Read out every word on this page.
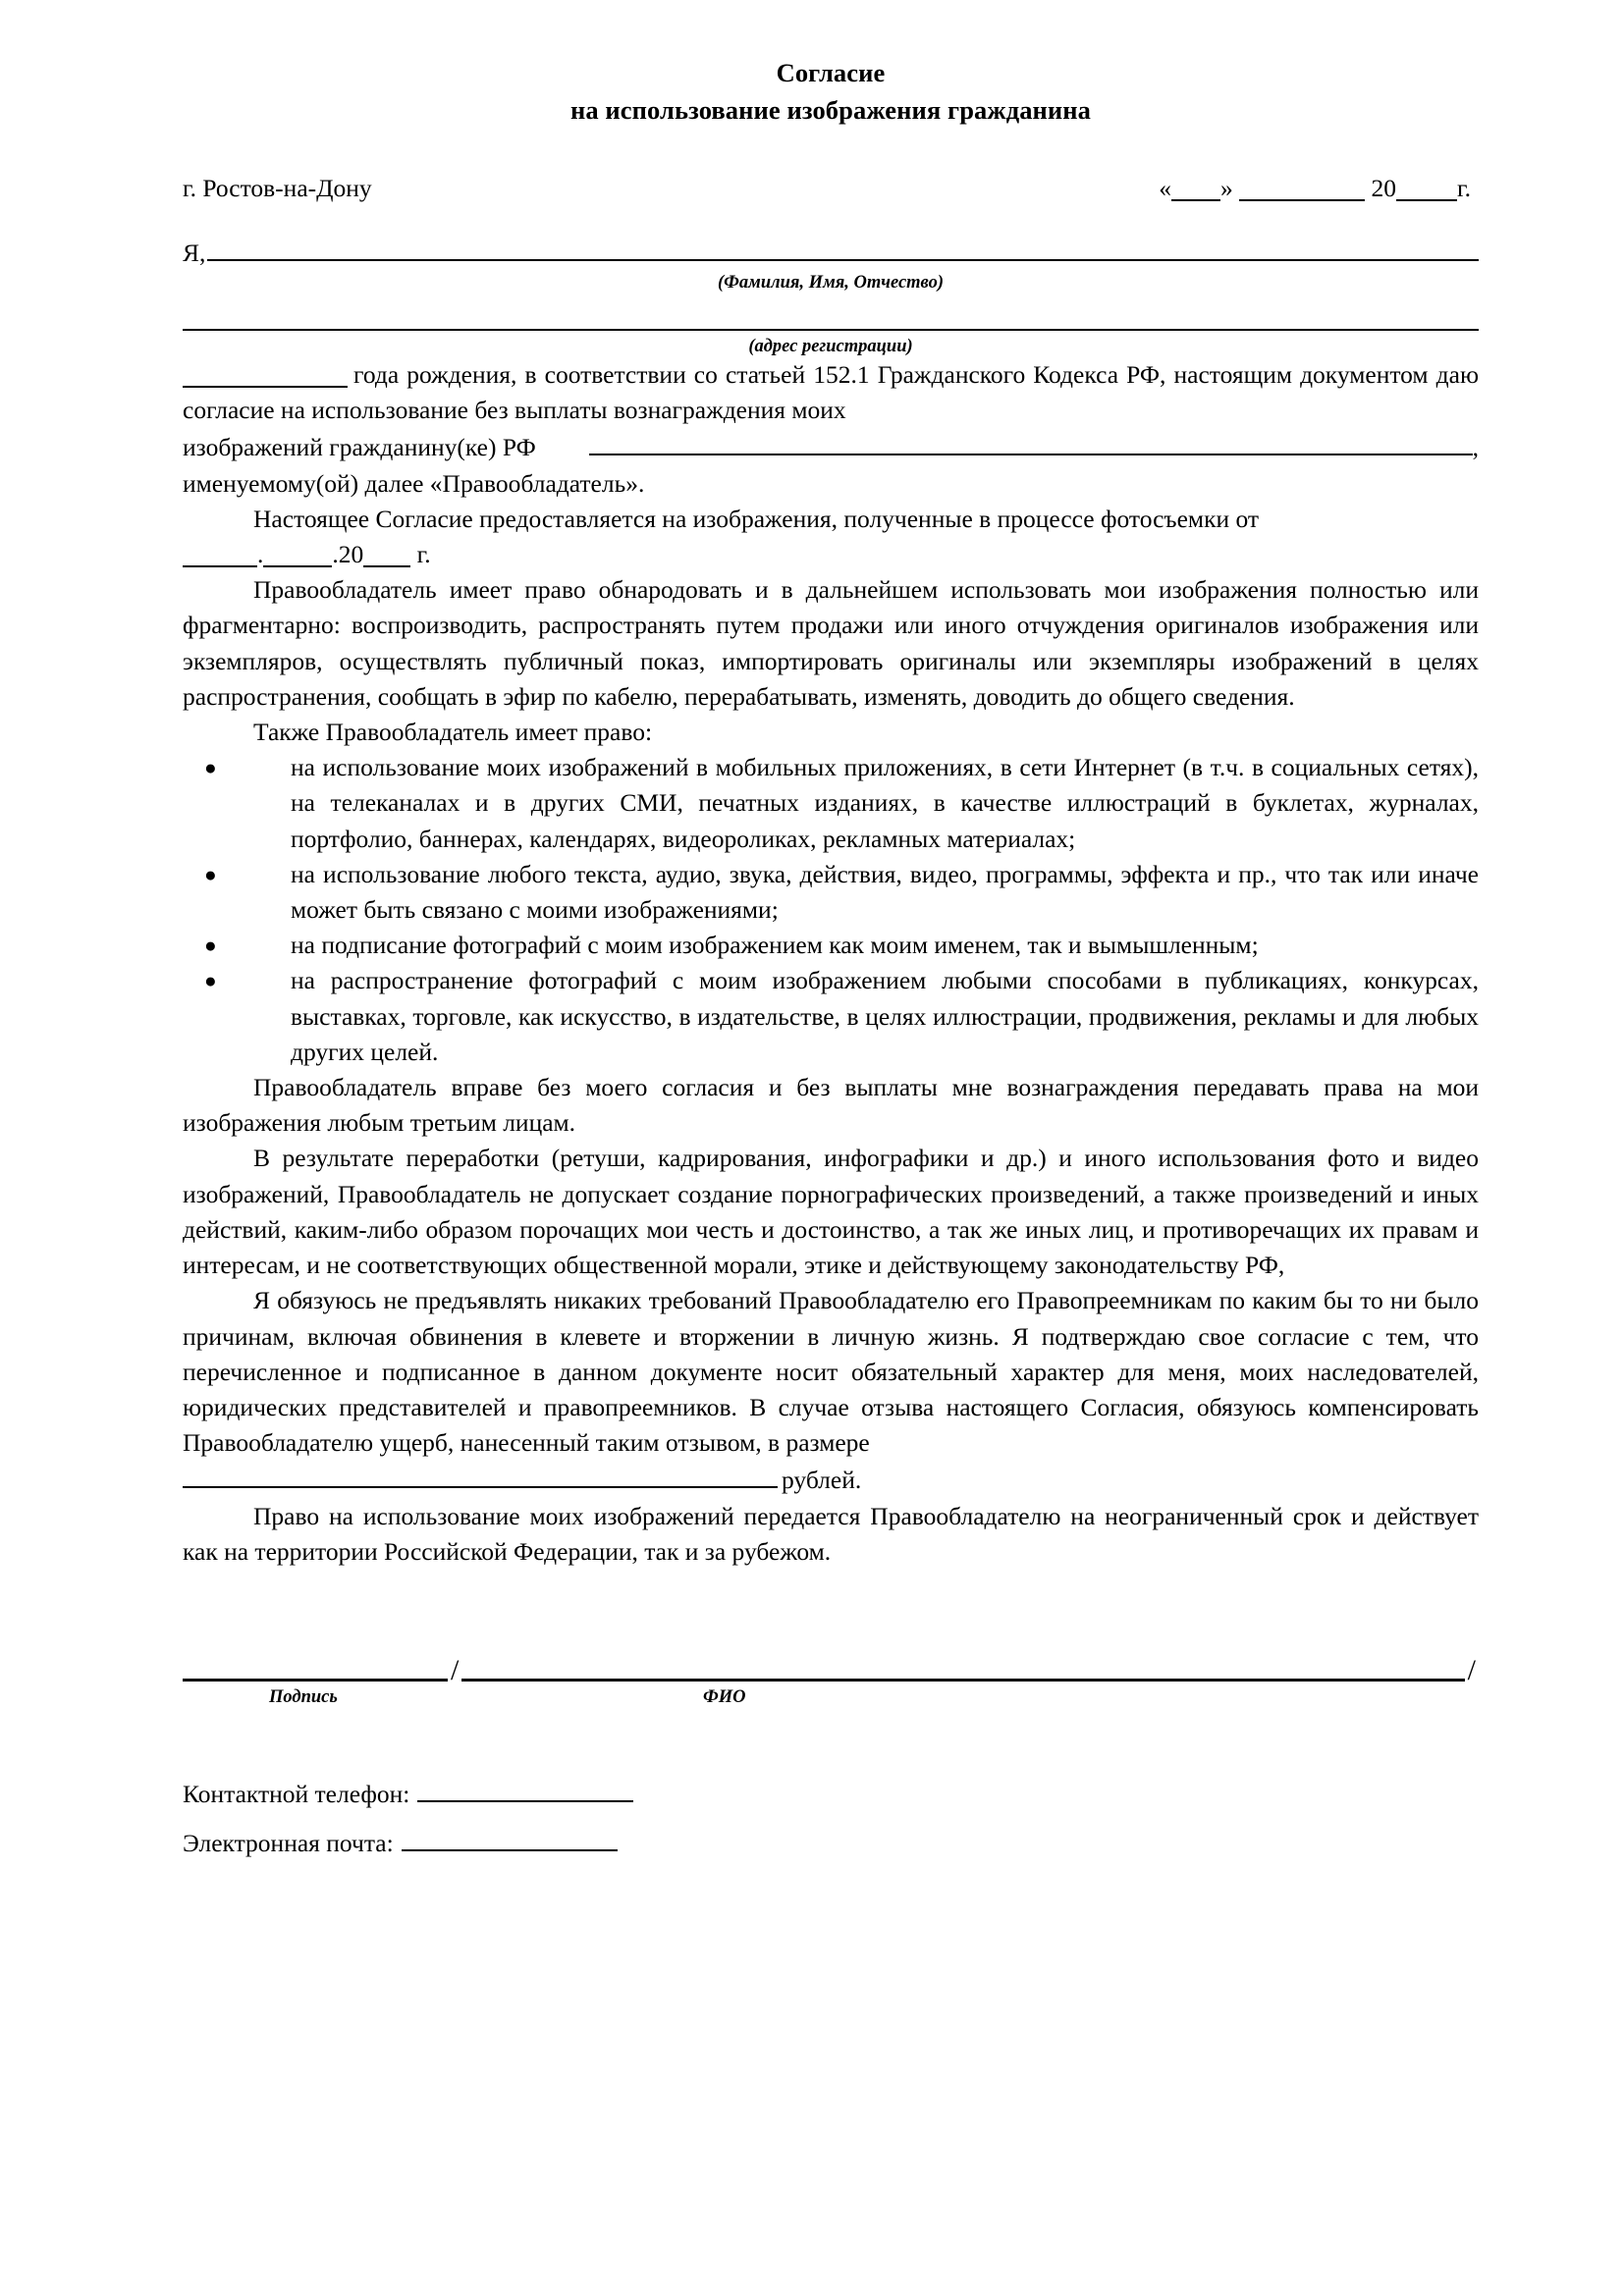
Согласие
на использование изображения гражданина
г. Ростов-на-Дону	« »	20 г.
Я,
(Фамилия, Имя, Отчество)
(адрес регистрации)

года рождения, в соответствии со статьей 152.1 Гражданского Кодекса РФ, настоящим документом даю согласие на использование без выплаты вознаграждения моих

изображений гражданину(ке) РФ	,

именуемому(ой) далее «Правообладатель».

Настоящее Согласие предоставляется на изображения, полученные в процессе фотосъемки от

.	.20 г.

Правообладатель имеет право обнародовать и в дальнейшем использовать мои изображения полностью или фрагментарно: воспроизводить, распространять путем продажи или иного отчуждения оригиналов изображения или экземпляров, осуществлять публичный показ, импортировать оригиналы или экземпляры изображений в целях распространения, сообщать в эфир по кабелю, перерабатывать, изменять, доводить до общего сведения.

Также Правообладатель имеет право:

●	на использование моих изображений в мобильных приложениях, в сети Интернет (в т.ч. в социальных сетях), на телеканалах и в других СМИ, печатных изданиях, в качестве иллюстраций в буклетах, журналах, портфолио, баннерах, календарях, видеороликах, рекламных материалах;
●	на использование любого текста, аудио, звука, действия, видео, программы, эффекта и пр., что так или иначе может быть связано с моими изображениями;
●	на подписание фотографий с моим изображением как моим именем, так и вымышленным;
●	на распространение фотографий с моим изображением любыми способами в публикациях, конкурсах, выставках, торговле, как искусство, в издательстве, в целях иллюстрации, продвижения, рекламы и для любых других целей.

Правообладатель вправе без моего согласия и без выплаты мне вознаграждения передавать права на мои изображения любым третьим лицам.

В результате переработки (ретуши, кадрирования, инфографики и др.) и иного использования фото и видео изображений, Правообладатель не допускает создание порнографических произведений, а также произведений и иных действий, каким-либо образом порочащих мои честь и достоинство, а так же иных лиц, и противоречащих их правам и интересам, и не соответствующих общественной морали, этике и действующему законодательству РФ,

Я обязуюсь не предъявлять никаких требований Правообладателю его Правопреемникам по каким бы то ни было причинам, включая обвинения в клевете и вторжении в личную жизнь. Я подтверждаю свое согласие с тем, что перечисленное и подписанное в данном документе носит обязательный характер для меня, моих наследователей, юридических представителей и правопреемников. В случае отзыва настоящего Согласия, обязуюсь компенсировать Правообладателю ущерб, нанесенный таким отзывом, в размере

рублей.

Право на использование моих изображений передается Правообладателю на неограниченный срок и действует как на территории Российской Федерации, так и за рубежом.

/	/
Подпись	ФИО
Контактной телефон:
Электронная почта:
